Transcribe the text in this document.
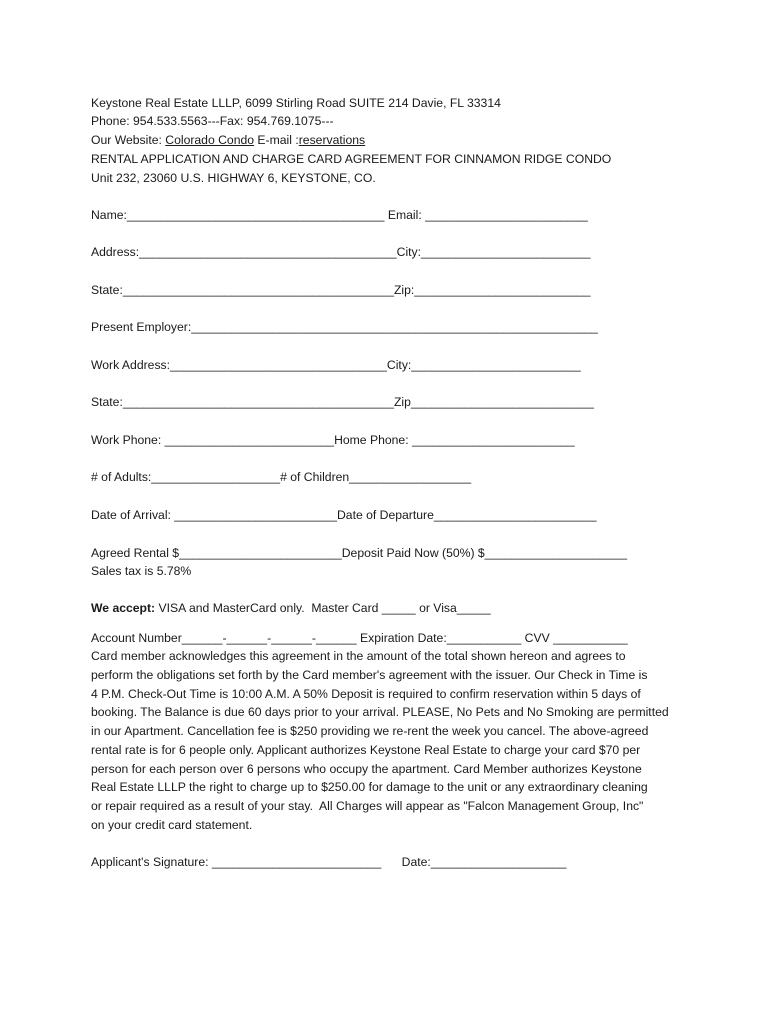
Keystone Real Estate LLLP, 6099 Stirling Road SUITE 214 Davie, FL 33314
Phone: 954.533.5563---Fax: 954.769.1075---
Our Website: Colorado Condo E-mail :reservations
RENTAL APPLICATION AND CHARGE CARD AGREEMENT FOR CINNAMON RIDGE CONDO
Unit 232, 23060 U.S. HIGHWAY 6, KEYSTONE, CO.
Name:______________________________________ Email: ________________________
Address:______________________________________City:_________________________
State:________________________________________Zip:__________________________
Present Employer:____________________________________________________________
Work Address:________________________________City:_________________________
State:________________________________________Zip___________________________
Work Phone: _________________________Home Phone: ________________________
# of Adults:___________________# of Children__________________
Date of Arrival: ________________________Date of Departure________________________
Agreed Rental $________________________Deposit Paid Now (50%) $_____________________
Sales tax is 5.78%
We accept: VISA and MasterCard only.  Master Card _____ or Visa_____
Account Number______-______-______-______ Expiration Date:___________ CVV ___________
Card member acknowledges this agreement in the amount of the total shown hereon and agrees to
perform the obligations set forth by the Card member's agreement with the issuer. Our Check in Time is
4 P.M. Check-Out Time is 10:00 A.M. A 50% Deposit is required to confirm reservation within 5 days of
booking. The Balance is due 60 days prior to your arrival. PLEASE, No Pets and No Smoking are permitted
in our Apartment. Cancellation fee is $250 providing we re-rent the week you cancel. The above-agreed
rental rate is for 6 people only. Applicant authorizes Keystone Real Estate to charge your card $70 per
person for each person over 6 persons who occupy the apartment. Card Member authorizes Keystone
Real Estate LLLP the right to charge up to $250.00 for damage to the unit or any extraordinary cleaning
or repair required as a result of your stay.  All Charges will appear as "Falcon Management Group, Inc"
on your credit card statement.
Applicant's Signature: _________________________      Date:____________________
